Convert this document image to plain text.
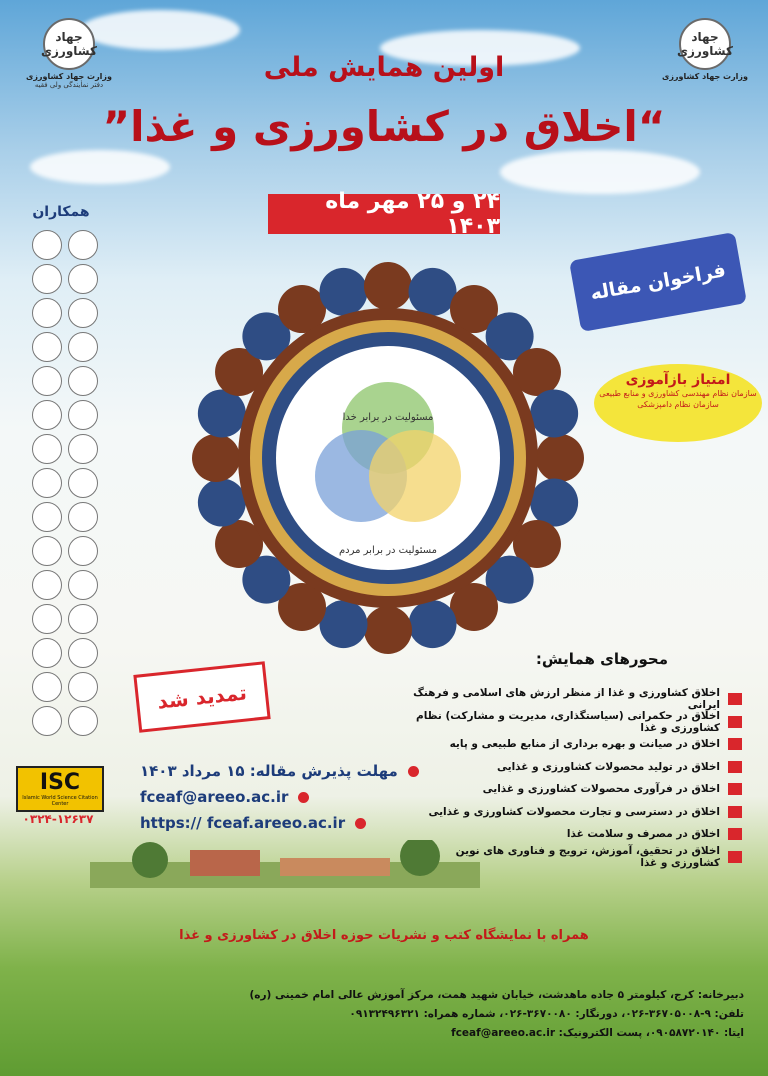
جهاد کشاورزی
وزارت جهاد کشاورزی
دفتر نمایندگی ولی فقیه
جهاد کشاورزی
وزارت جهاد کشاورزی
اولین همایش ملی
“اخلاق در کشاورزی و غذا”
۲۴ و ۲۵ مهر ماه ۱۴۰۳
فراخوان مقاله
امتیاز بازآموزی
سازمان نظام مهندسی کشاورزی و منابع طبیعی
سازمان نظام دامپزشکی
همکاران
مسئولیت در برابر خدا
مسئولیت در برابر مردم
محورهای همایش:
اخلاق کشاورزی و غذا از منظر ارزش های اسلامی و فرهنگ ایرانی
اخلاق در حکمرانی (سیاستگذاری، مدیریت و مشارکت) نظام کشاورزی و غذا
اخلاق در صیانت و بهره برداری از منابع طبیعی و پایه
اخلاق در تولید محصولات کشاورزی و غذایی
اخلاق در فرآوری محصولات کشاورزی و غذایی
اخلاق در دسترسی و تجارت محصولات کشاورزی و غذایی
اخلاق در مصرف و سلامت غذا
اخلاق در تحقیق، آموزش، ترویج و فناوری های نوین کشاورزی و غذا
تمدید شد
مهلت پذیرش مقاله: ۱۵ مرداد ۱۴۰۳
fceaf@areeo.ac.ir
https:// fceaf.areeo.ac.ir
ISC
Islamic World Science Citation Center
۰۳۲۴-۱۲۶۳۷
همراه با نمایشگاه کتب و نشریات حوزه اخلاق در کشاورزی و غذا
دبیرخانه: کرج، کیلومتر ۵ جاده ماهدشت، خیابان شهید همت، مرکز آموزش عالی امام خمینی (ره)
تلفن: ۹-۳۶۷۰۵۰۰۸-۰۲۶، دورنگار: ۳۶۷۰۰۸۰-۰۲۶، شماره همراه: ۰۹۱۳۲۴۹۶۳۲۱
ایتا: ۰۹۰۵۸۷۲۰۱۴۰، پست الکترونیک: fceaf@areeo.ac.ir
